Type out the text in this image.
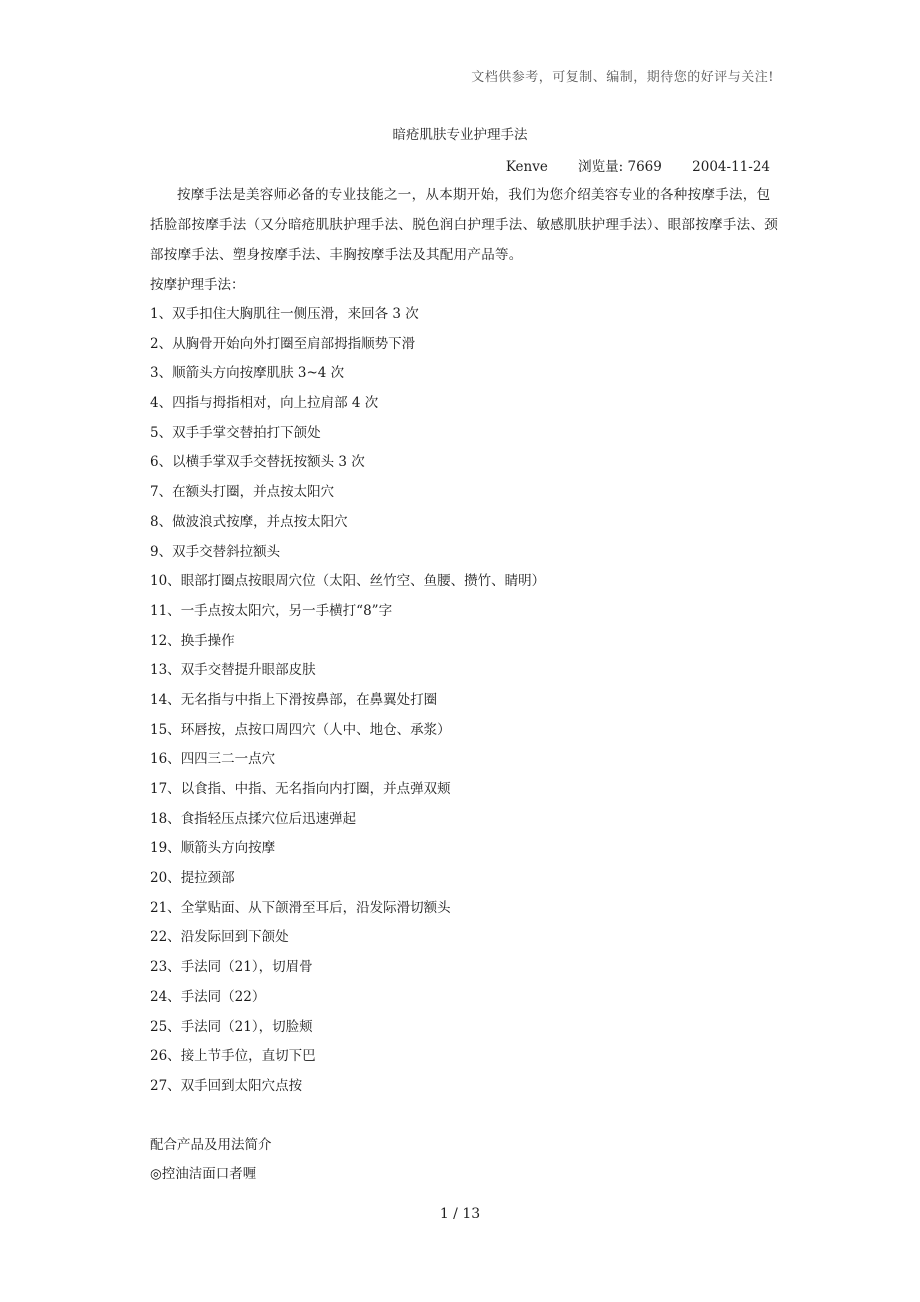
文档供参考，可复制、编制，期待您的好评与关注!
暗疮肌肤专业护理手法
Kenve 浏览量: 7669 2004-11-24

按摩手法是美容师必备的专业技能之一，从本期开始，我们为您介绍美容专业的各种按摩手法，包括脸部按摩手法（又分暗疮肌肤护理手法、脱色润白护理手法、敏感肌肤护理手法）、眼部按摩手法、颈部按摩手法、塑身按摩手法、丰胸按摩手法及其配用产品等。

按摩护理手法：
1、双手扣住大胸肌往一侧压滑，来回各 3 次
2、从胸骨开始向外打圈至肩部拇指顺势下滑
3、顺箭头方向按摩肌肤 3~4 次
4、四指与拇指相对，向上拉肩部 4 次
5、双手手掌交替拍打下颌处
6、以横手掌双手交替抚按额头 3 次
7、在额头打圈，并点按太阳穴
8、做波浪式按摩，并点按太阳穴
9、双手交替斜拉额头
10、眼部打圈点按眼周穴位（太阳、丝竹空、鱼腰、攒竹、睛明）
11、一手点按太阳穴，另一手横打“8”字
12、换手操作
13、双手交替提升眼部皮肤
14、无名指与中指上下滑按鼻部，在鼻翼处打圈
15、环唇按，点按口周四穴（人中、地仓、承浆）
16、四四三二一点穴
17、以食指、中指、无名指向内打圈，并点弹双颊
18、食指轻压点揉穴位后迅速弹起
19、顺箭头方向按摩
20、提拉颈部
21、全掌贴面、从下颌滑至耳后，沿发际滑切额头
22、沿发际回到下颌处
23、手法同（21），切眉骨
24、手法同（22）
25、手法同（21），切脸颊
26、接上节手位，直切下巴
27、双手回到太阳穴点按
配合产品及用法简介
◎控油洁面口者喱
1 / 13
